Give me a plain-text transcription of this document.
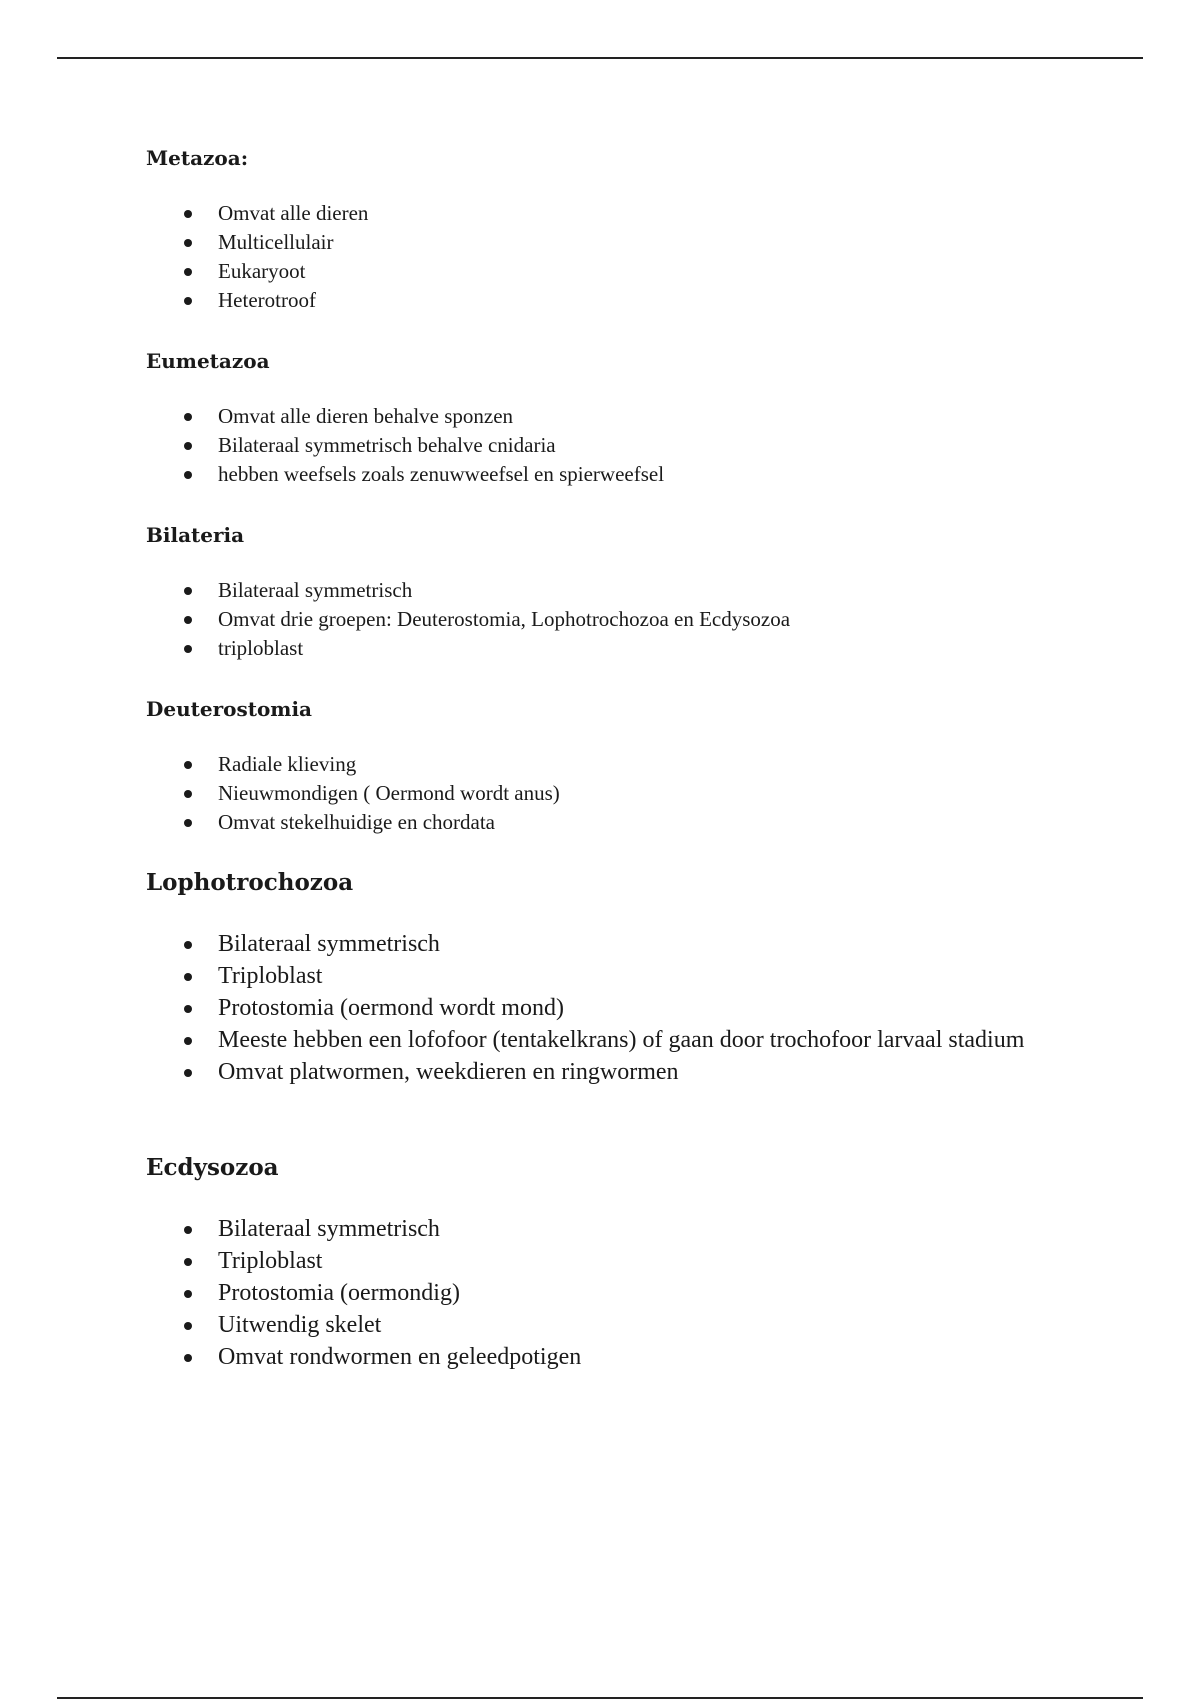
Metazoa:
Omvat alle dieren
Multicellulair
Eukaryoot
Heterotroof
Eumetazoa
Omvat alle dieren behalve sponzen
Bilateraal symmetrisch behalve cnidaria
hebben weefsels zoals zenuwweefsel en spierweefsel
Bilateria
Bilateraal symmetrisch
Omvat drie groepen: Deuterostomia, Lophotrochozoa en Ecdysozoa
triploblast
Deuterostomia
Radiale klieving
Nieuwmondigen ( Oermond wordt anus)
Omvat stekelhuidige en chordata
Lophotrochozoa
Bilateraal symmetrisch
Triploblast
Protostomia (oermond wordt mond)
Meeste hebben een lofofoor (tentakelkrans) of gaan door trochofoor larvaal stadium
Omvat platwormen, weekdieren en ringwormen
Ecdysozoa
Bilateraal symmetrisch
Triploblast
Protostomia (oermondig)
Uitwendig skelet
Omvat rondwormen en geleedpotigen
